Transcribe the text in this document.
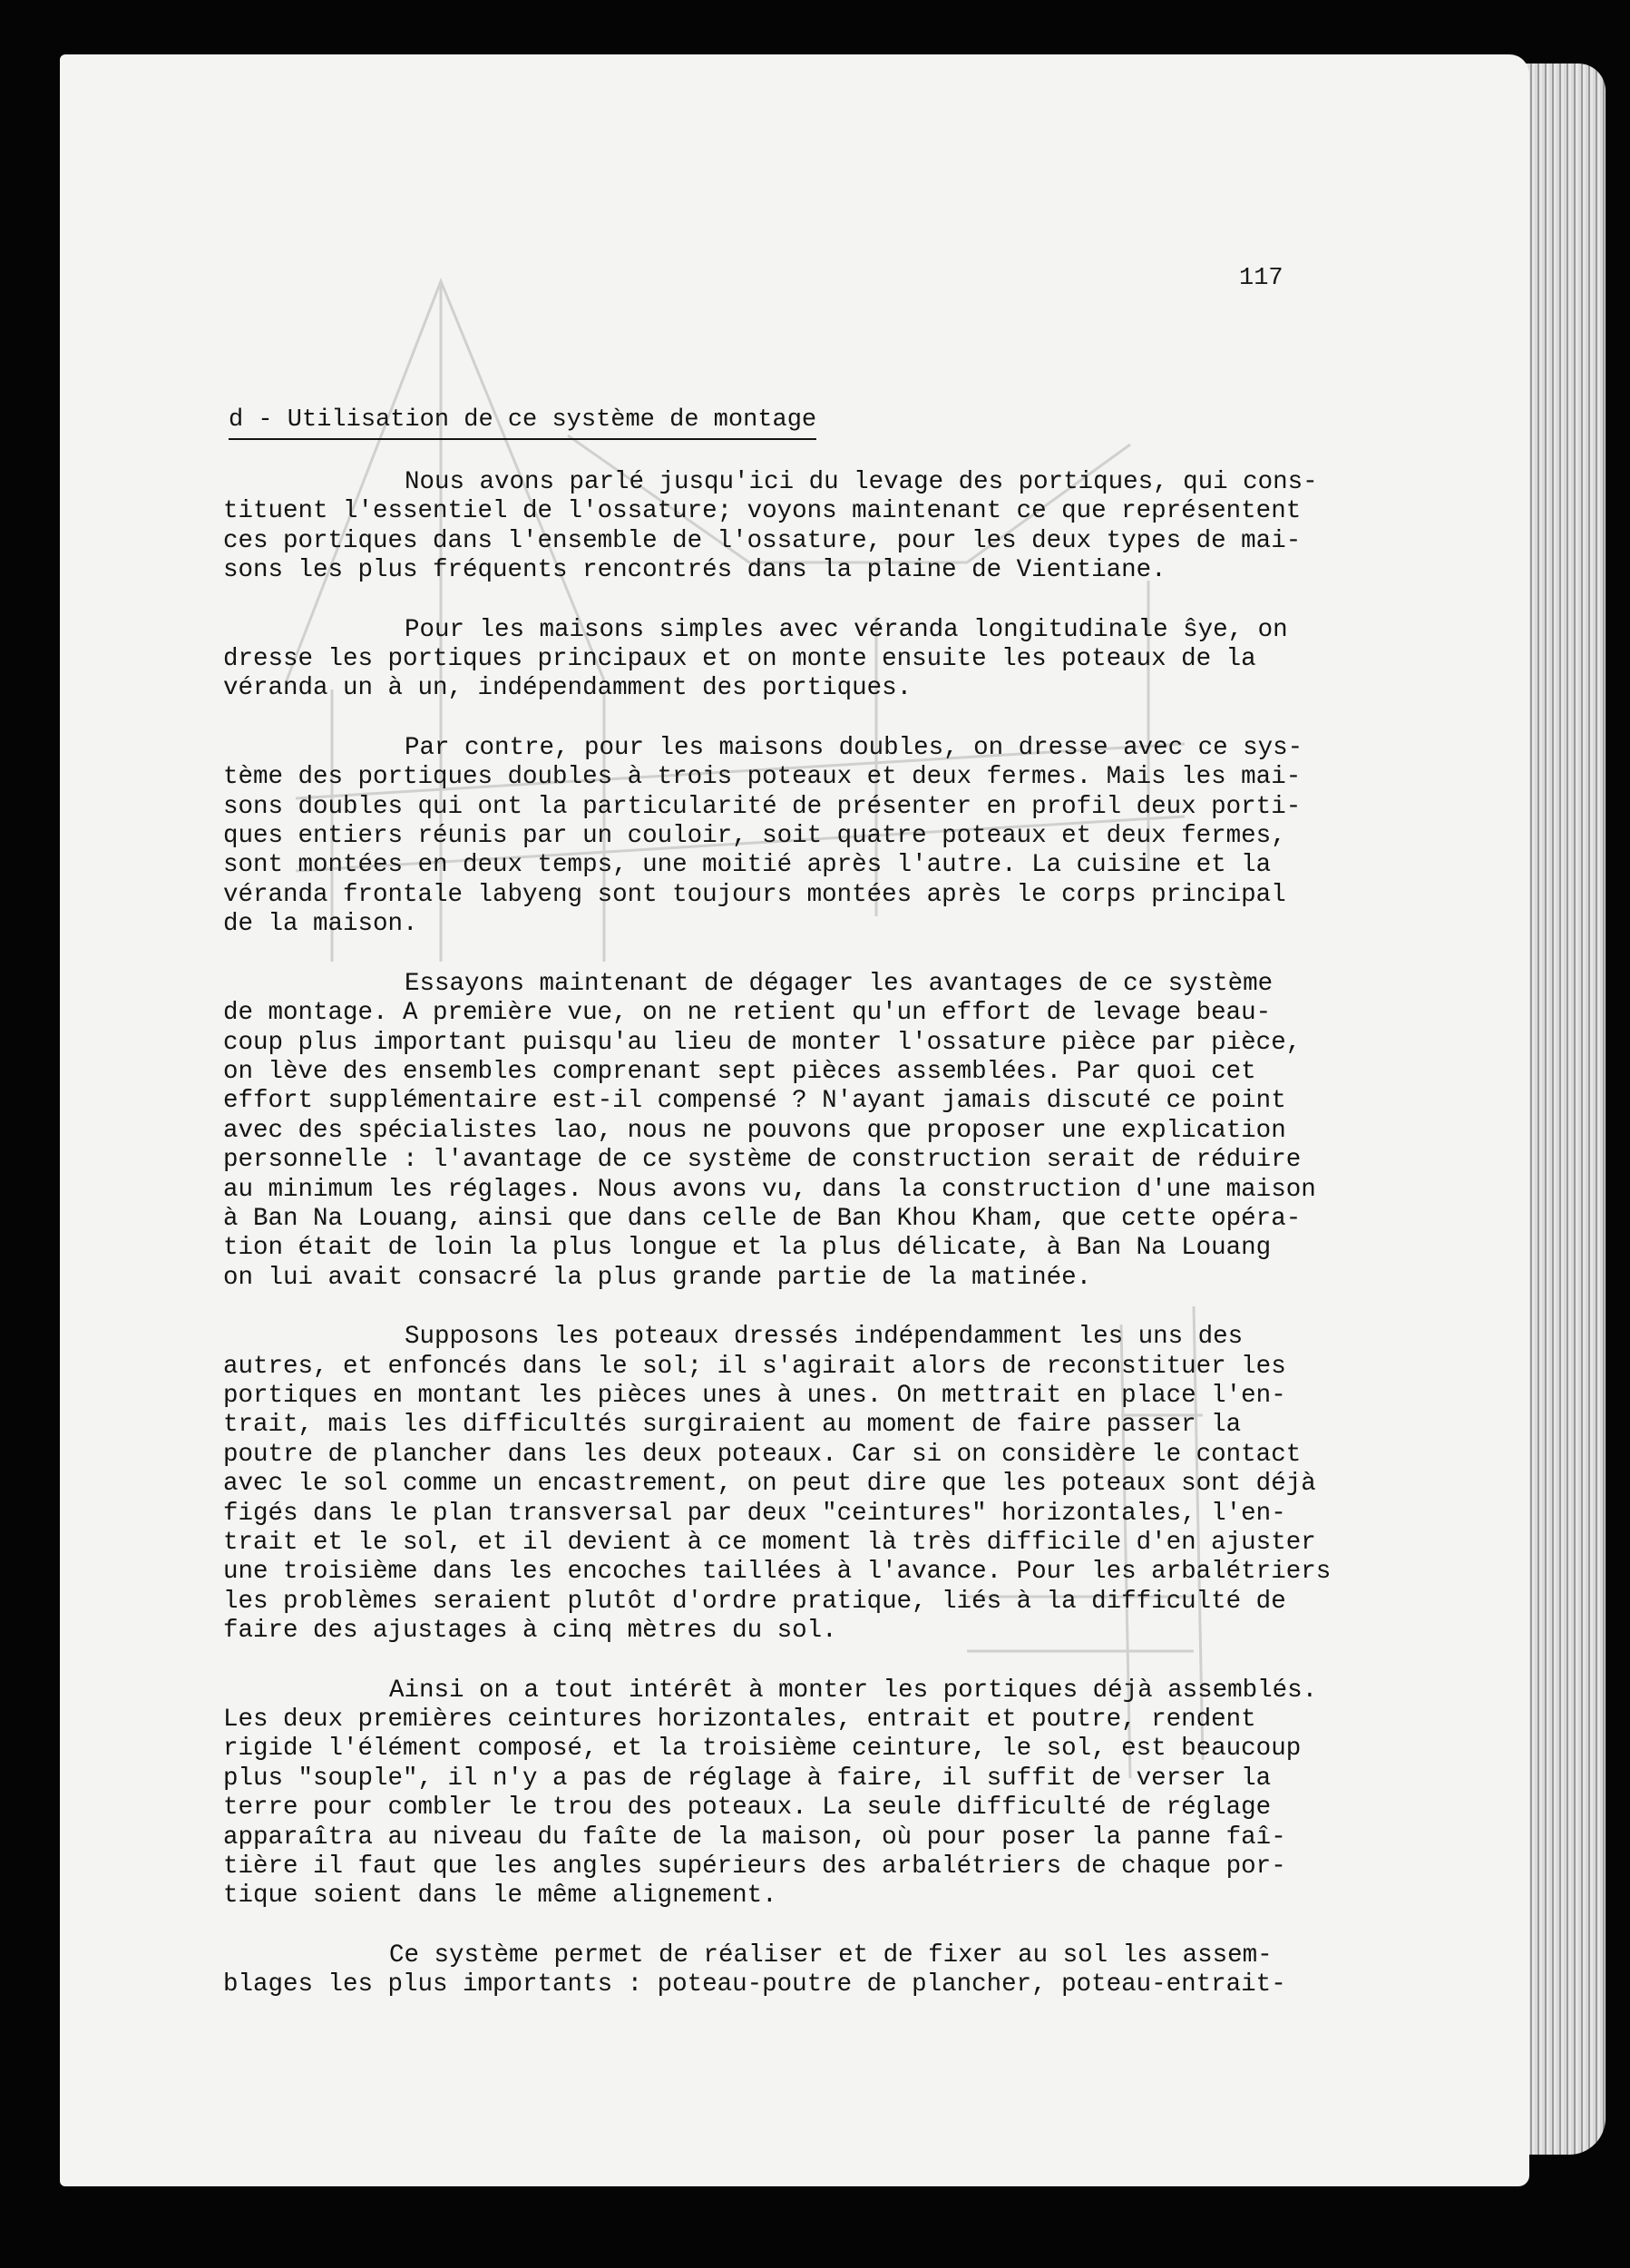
117
d - Utilisation de ce système de montage
Nous avons parlé jusqu'ici du levage des portiques, qui cons-
tituent l'essentiel de l'ossature; voyons maintenant ce que représentent
ces portiques dans l'ensemble de l'ossature, pour les deux types de mai-
sons les plus fréquents rencontrés dans la plaine de Vientiane.
Pour les maisons simples avec véranda longitudinale ŝye, on
dresse les portiques principaux et on monte ensuite les poteaux de la
véranda un à un, indépendamment des portiques.
Par contre, pour les maisons doubles, on dresse avec ce sys-
tème des portiques doubles à trois poteaux et deux fermes. Mais les mai-
sons doubles qui ont la particularité de présenter en profil deux porti-
ques entiers réunis par un couloir, soit quatre poteaux et deux fermes,
sont montées en deux temps, une moitié après l'autre. La cuisine et la
véranda frontale labyeng sont toujours montées après le corps principal
de la maison.
Essayons maintenant de dégager les avantages de ce système
de montage. A première vue, on ne retient qu'un effort de levage beau-
coup plus important puisqu'au lieu de monter l'ossature pièce par pièce,
on lève des ensembles comprenant sept pièces assemblées. Par quoi cet
effort supplémentaire est-il compensé ? N'ayant jamais discuté ce point
avec des spécialistes lao, nous ne pouvons que proposer une explication
personnelle : l'avantage de ce système de construction serait de réduire
au minimum les réglages. Nous avons vu, dans la construction d'une maison
à Ban Na Louang, ainsi que dans celle de Ban Khou Kham, que cette opéra-
tion était de loin la plus longue et la plus délicate, à Ban Na Louang
on lui avait consacré la plus grande partie de la matinée.
Supposons les poteaux dressés indépendamment les uns des
autres, et enfoncés dans le sol; il s'agirait alors de reconstituer les
portiques en montant les pièces unes à unes. On mettrait en place l'en-
trait, mais les difficultés surgiraient au moment de faire passer la
poutre de plancher dans les deux poteaux. Car si on considère le contact
avec le sol comme un encastrement, on peut dire que les poteaux sont déjà
figés dans le plan transversal par deux "ceintures" horizontales, l'en-
trait et le sol, et il devient à ce moment là très difficile d'en ajuster
une troisième dans les encoches taillées à l'avance. Pour les arbalétriers
les problèmes seraient plutôt d'ordre pratique, liés à la difficulté de
faire des ajustages à cinq mètres du sol.
Ainsi on a tout intérêt à monter les portiques déjà assemblés.
Les deux premières ceintures horizontales, entrait et poutre, rendent
rigide l'élément composé, et la troisième ceinture, le sol, est beaucoup
plus "souple", il n'y a pas de réglage à faire, il suffit de verser la
terre pour combler le trou des poteaux. La seule difficulté de réglage
apparaîtra au niveau du faîte de la maison, où pour poser la panne faî-
tière il faut que les angles supérieurs des arbalétriers de chaque por-
tique soient dans le même alignement.
Ce système permet de réaliser et de fixer au sol les assem-
blages les plus importants : poteau-poutre de plancher, poteau-entrait-
